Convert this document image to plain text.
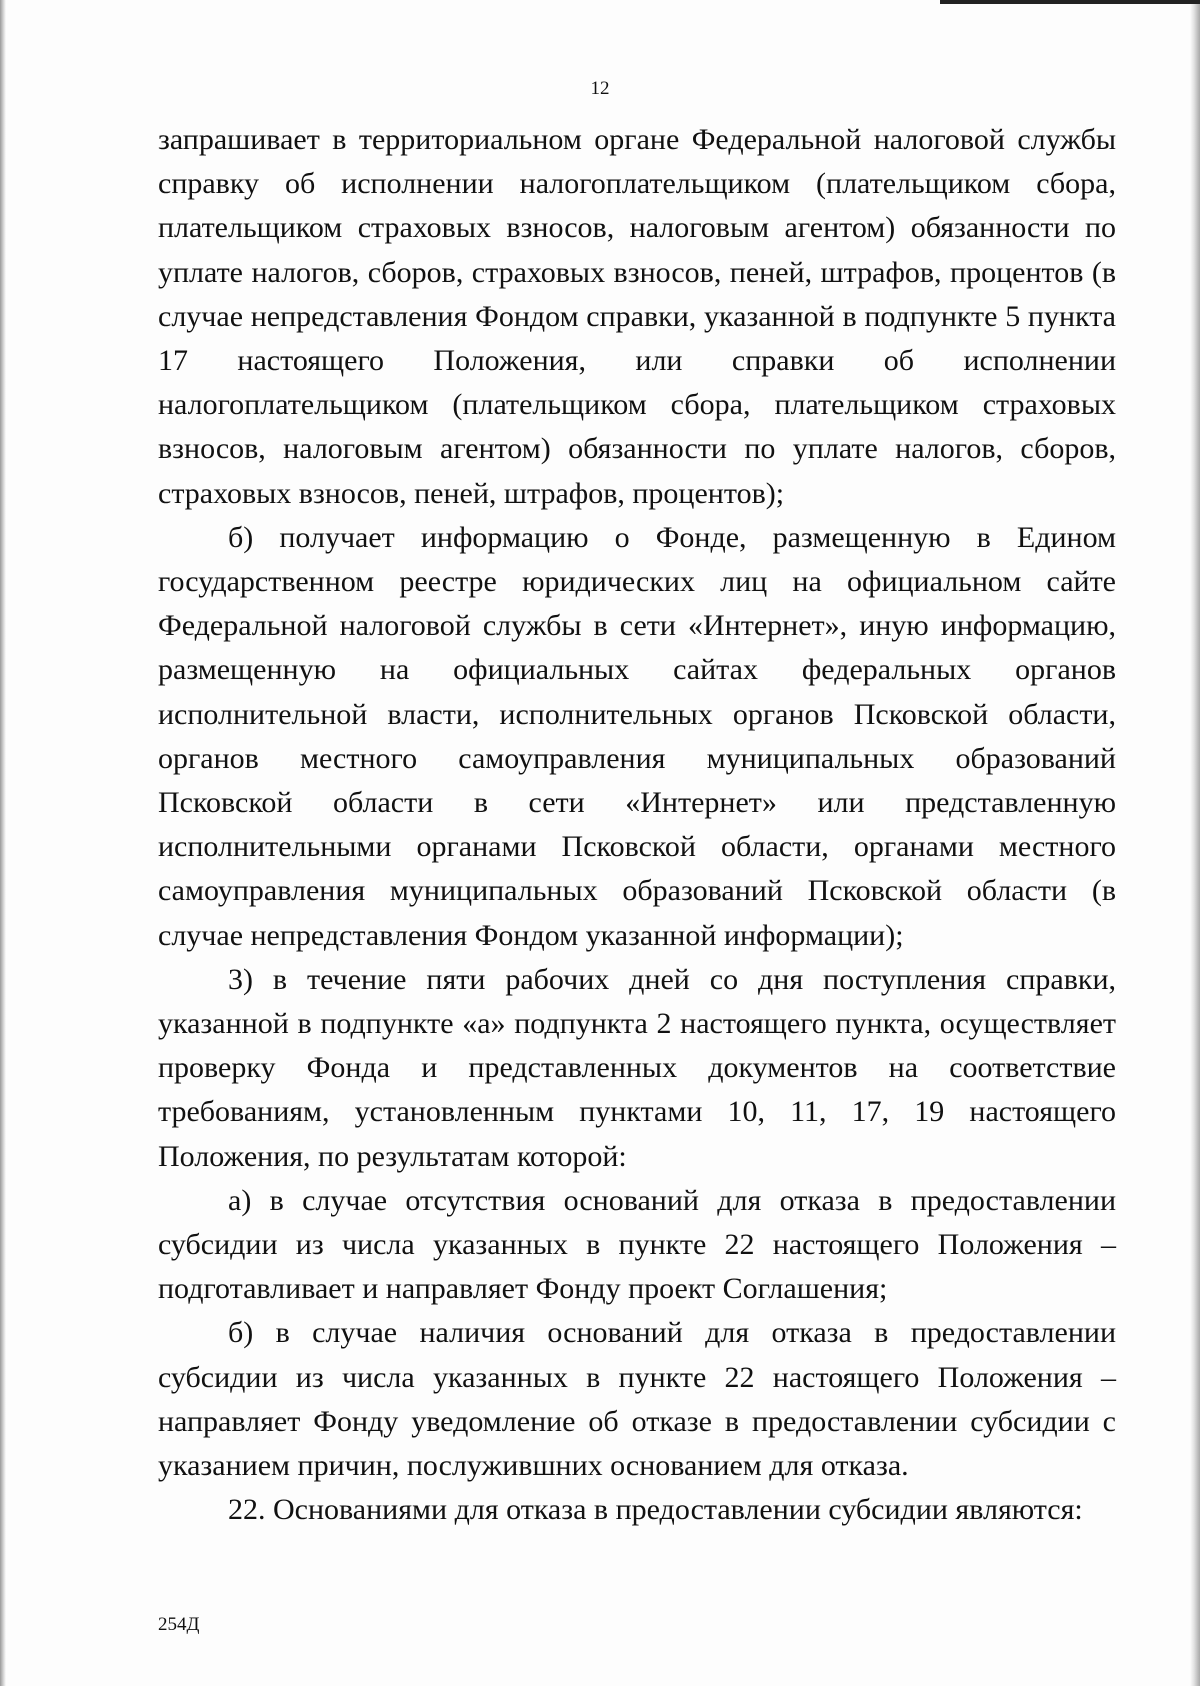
12

запрашивает в территориальном органе Федеральной налоговой службы справку об исполнении налогоплательщиком (плательщиком сбора, плательщиком страховых взносов, налоговым агентом) обязанности по уплате налогов, сборов, страховых взносов, пеней, штрафов, процентов (в случае непредставления Фондом справки, указанной в подпункте 5 пункта 17 настоящего Положения, или справки об исполнении налогоплательщиком (плательщиком сбора, плательщиком страховых взносов, налоговым агентом) обязанности по уплате налогов, сборов, страховых взносов, пеней, штрафов, процентов);

б) получает информацию о Фонде, размещенную в Едином государственном реестре юридических лиц на официальном сайте Федеральной налоговой службы в сети «Интернет», иную информацию, размещенную на официальных сайтах федеральных органов исполнительной власти, исполнительных органов Псковской области, органов местного самоуправления муниципальных образований Псковской области в сети «Интернет» или представленную исполнительными органами Псковской области, органами местного самоуправления муниципальных образований Псковской области (в случае непредставления Фондом указанной информации);

3) в течение пяти рабочих дней со дня поступления справки, указанной в подпункте «а» подпункта 2 настоящего пункта, осуществляет проверку Фонда и представленных документов на соответствие требованиям, установленным пунктами 10, 11, 17, 19 настоящего Положения, по результатам которой:

а) в случае отсутствия оснований для отказа в предоставлении субсидии из числа указанных в пункте 22 настоящего Положения – подготавливает и направляет Фонду проект Соглашения;

б) в случае наличия оснований для отказа в предоставлении субсидии из числа указанных в пункте 22 настоящего Положения – направляет Фонду уведомление об отказе в предоставлении субсидии с указанием причин, послужившних основанием для отказа.

22. Основаниями для отказа в предоставлении субсидии являются:

254Д
